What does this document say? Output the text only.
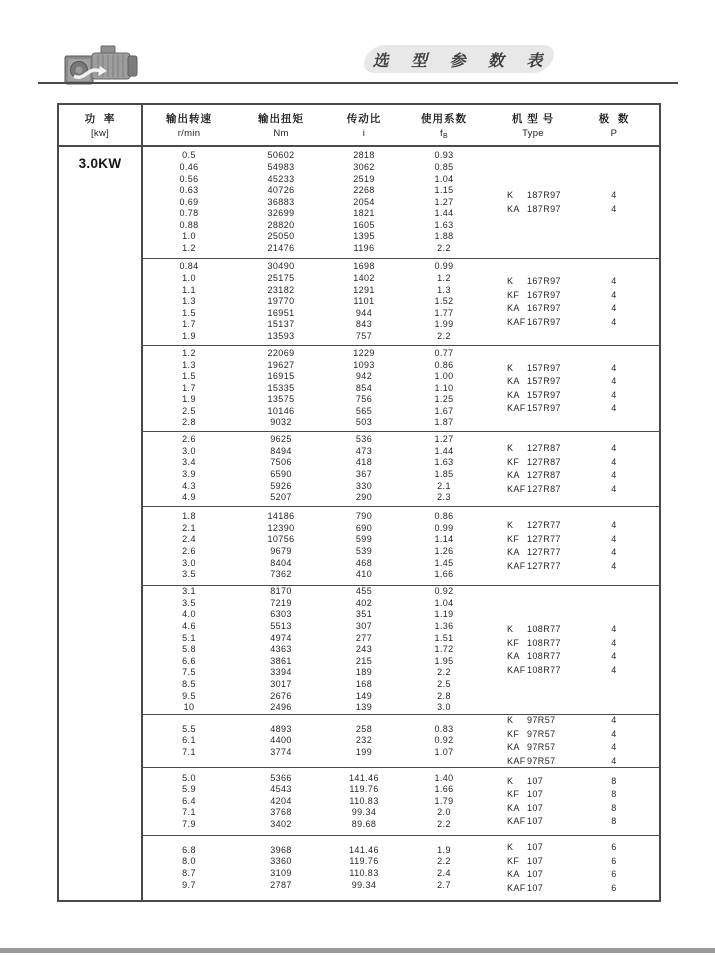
选 型 参 数 表
功  率
[kw]
输出转速
r/min
输出扭矩
Nm
传动比
i
使用系数
$f_B$
机 型 号
Type
极  数
P
3.0KW
0.5	50602	2818	0.93
0.46	54983	3062	0.85
0.56	45233	2519	1.04
0.63	40726	2268	1.15
0.69	36883	2054	1.27
0.78	32699	1821	1.44
0.88	28820	1605	1.63
1.0	25050	1395	1.88
1.2	21476	1196	2.2
K 187R97	4
KA 187R97	4
0.84	30490	1698	0.99
1.0	25175	1402	1.2
1.1	23182	1291	1.3
1.3	19770	1101	1.52
1.5	16951	944	1.77
1.7	15137	843	1.99
1.9	13593	757	2.2
K 167R97	4
KF 167R97	4
KA 167R97	4
KAF167R97	4
1.2	22069	1229	0.77
1.3	19627	1093	0.86
1.5	16915	942	1.00
1.7	15335	854	1.10
1.9	13575	756	1.25
2.5	10146	565	1.67
2.8	9032	503	1.87
K 157R97	4
KA 157R97	4
KA 157R97	4
KAF157R97	4
2.6	9625	536	1.27
3.0	8494	473	1.44
3.4	7506	418	1.63
3.9	6590	367	1.85
4.3	5926	330	2.1
4.9	5207	290	2.3
K 127R87	4
KF 127R87	4
KA 127R87	4
KAF127R87	4
1.8	14186	790	0.86
2.1	12390	690	0.99
2.4	10756	599	1.14
2.6	9679	539	1.26
3.0	8404	468	1.45
3.5	7362	410	1.66
K 127R77	4
KF 127R77	4
KA 127R77	4
KAF127R77	4
3.1	8170	455	0.92
3.5	7219	402	1.04
4.0	6303	351	1.19
4.6	5513	307	1.36
5.1	4974	277	1.51
5.8	4363	243	1.72
6.6	3861	215	1.95
7.5	3394	189	2.2
8.5	3017	168	2.5
9.5	2676	149	2.8
10	2496	139	3.0
K 108R77	4
KF 108R77	4
KA 108R77	4
KAF108R77	4
5.5	4893	258	0.83
6.1	4400	232	0.92
7.1	3774	199	1.07
K 97R57	4
KF 97R57	4
KA 97R57	4
KAF97R57	4
5.0	5366	141.46	1.40
5.9	4543	119.76	1.66
6.4	4204	110.83	1.79
7.1	3768	99.34	2.0
7.9	3402	89.68	2.2
K 107	8
KF 107	8
KA 107	8
KAF107	8
6.8	3968	141.46	1.9
8.0	3360	119.76	2.2
8.7	3109	110.83	2.4
9.7	2787	99.34	2.7
K 107	6
KF 107	6
KA 107	6
KAF107	6
